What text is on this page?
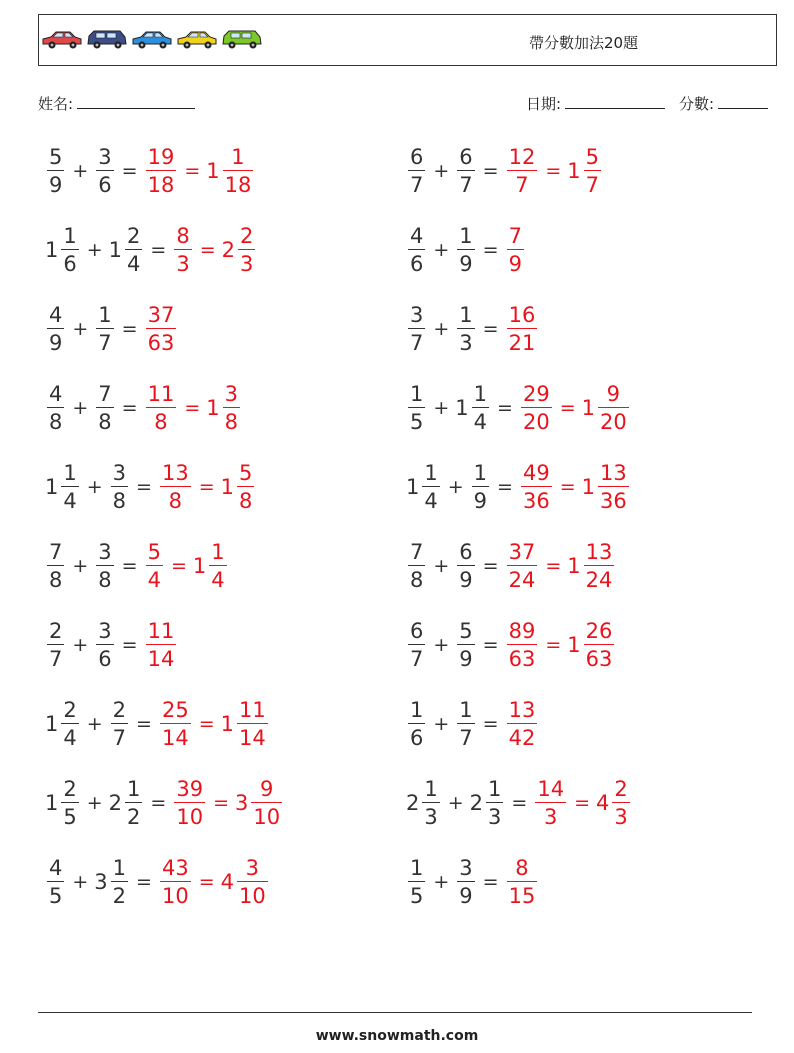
帶分數加法20題
姓名:	日期:	分數:
$\frac{5}{9} + \frac{3}{6} = \frac{19}{18} = 1 \frac{1}{18}$	$\frac{6}{7} + \frac{6}{7} = \frac{12}{7} = 1 \frac{5}{7}$
$1 \frac{1}{6} + 1 \frac{2}{4} = \frac{8}{3} = 2 \frac{2}{3}$	$\frac{4}{6} + \frac{1}{9} = \frac{7}{9}$
$\frac{4}{9} + \frac{1}{7} = \frac{37}{63}$	$\frac{3}{7} + \frac{1}{3} = \frac{16}{21}$
$\frac{4}{8} + \frac{7}{8} = \frac{11}{8} = 1 \frac{3}{8}$	$\frac{1}{5} + 1 \frac{1}{4} = \frac{29}{20} = 1 \frac{9}{20}$
$1 \frac{1}{4} + \frac{3}{8} = \frac{13}{8} = 1 \frac{5}{8}$	$1 \frac{1}{4} + \frac{1}{9} = \frac{49}{36} = 1 \frac{13}{36}$
$\frac{7}{8} + \frac{3}{8} = \frac{5}{4} = 1 \frac{1}{4}$	$\frac{7}{8} + \frac{6}{9} = \frac{37}{24} = 1 \frac{13}{24}$
$\frac{2}{7} + \frac{3}{6} = \frac{11}{14}$	$\frac{6}{7} + \frac{5}{9} = \frac{89}{63} = 1 \frac{26}{63}$
$1 \frac{2}{4} + \frac{2}{7} = \frac{25}{14} = 1 \frac{11}{14}$	$\frac{1}{6} + \frac{1}{7} = \frac{13}{42}$
$1 \frac{2}{5} + 2 \frac{1}{2} = \frac{39}{10} = 3 \frac{9}{10}$	$2 \frac{1}{3} + 2 \frac{1}{3} = \frac{14}{3} = 4 \frac{2}{3}$
$\frac{4}{5} + 3 \frac{1}{2} = \frac{43}{10} = 4 \frac{3}{10}$	$\frac{1}{5} + \frac{3}{9} = \frac{8}{15}$
www.snowmath.com
